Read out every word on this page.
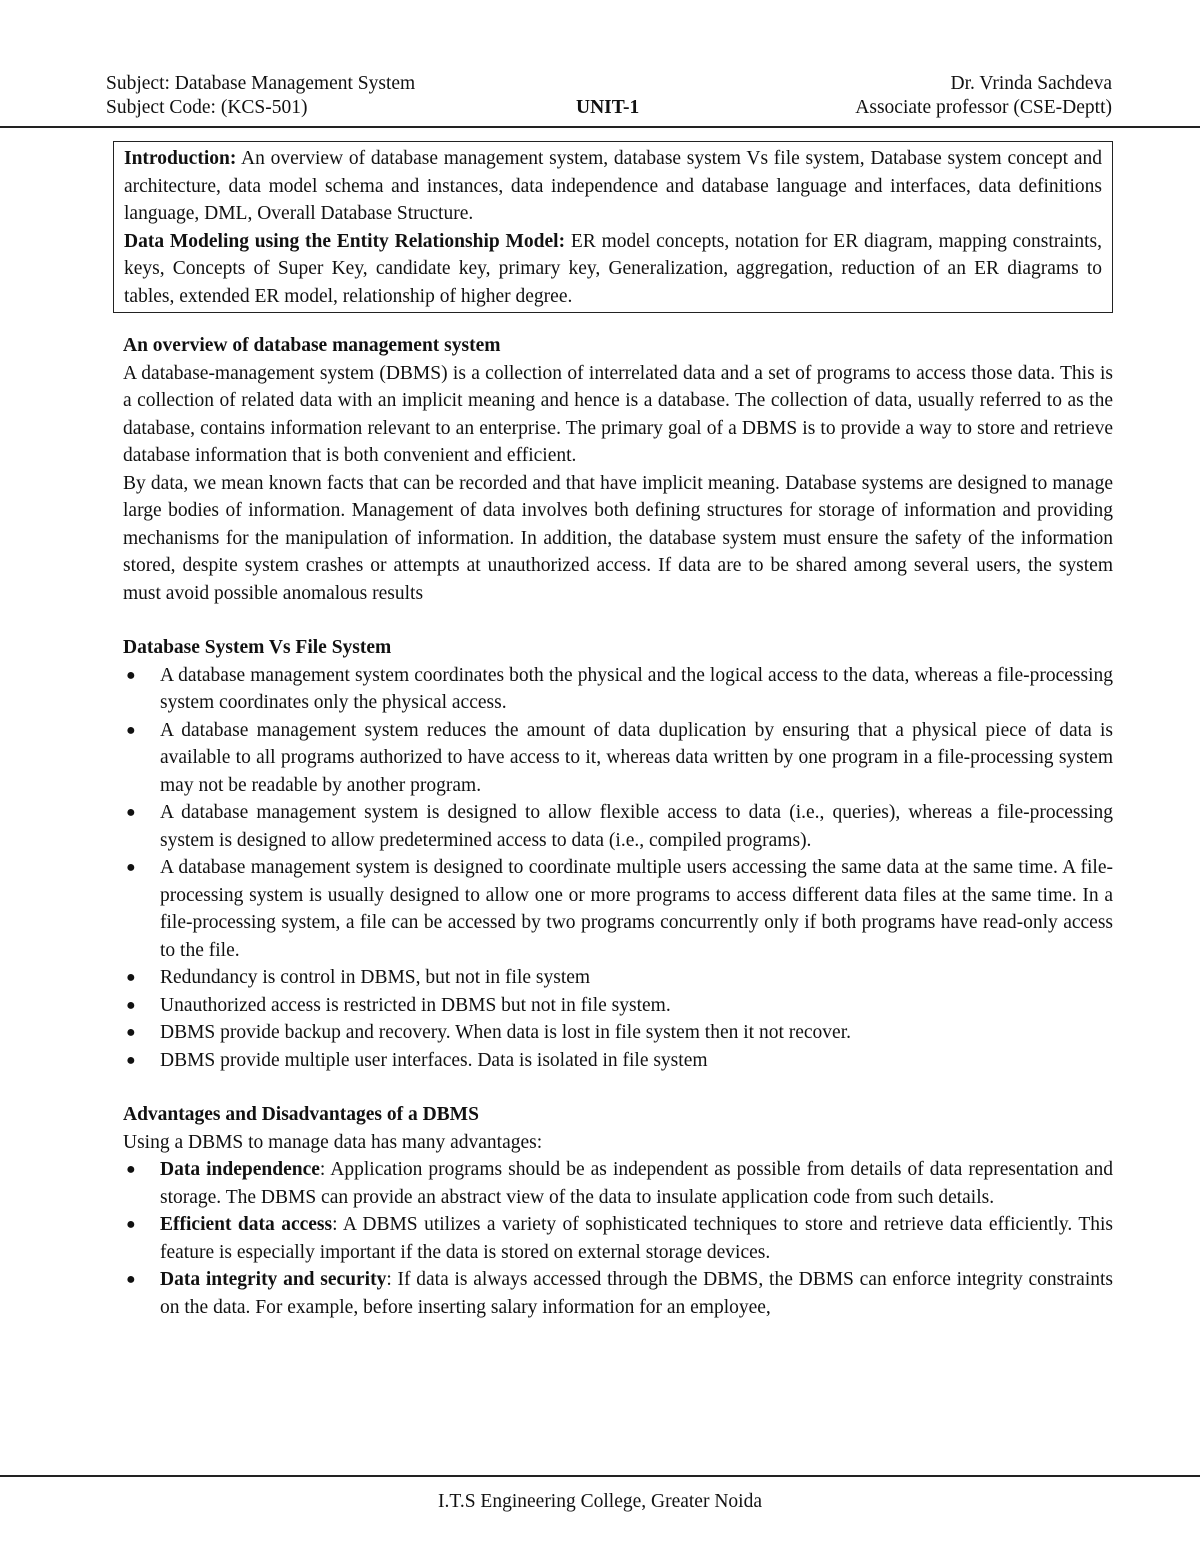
Subject: Database Management System	Dr. Vrinda Sachdeva
Subject Code: (KCS-501)	UNIT-1	Associate professor (CSE-Deptt)

Introduction: An overview of database management system, database system Vs file system, Database system concept and architecture, data model schema and instances, data independence and database language and interfaces, data definitions language, DML, Overall Database Structure.

Data Modeling using the Entity Relationship Model: ER model concepts, notation for ER diagram, mapping constraints, keys, Concepts of Super Key, candidate key, primary key, Generalization, aggregation, reduction of an ER diagrams to tables, extended ER model, relationship of higher degree.

An overview of database management system

A database-management system (DBMS) is a collection of interrelated data and a set of programs to access those data. This is a collection of related data with an implicit meaning and hence is a database. The collection of data, usually referred to as the database, contains information relevant to an enterprise. The primary goal of a DBMS is to provide a way to store and retrieve database information that is both convenient and efficient.

By data, we mean known facts that can be recorded and that have implicit meaning. Database systems are designed to manage large bodies of information. Management of data involves both defining structures for storage of information and providing mechanisms for the manipulation of information. In addition, the database system must ensure the safety of the information stored, despite system crashes or attempts at unauthorized access. If data are to be shared among several users, the system must avoid possible anomalous results

Database System Vs File System
● A database management system coordinates both the physical and the logical access to the data, whereas a file-processing system coordinates only the physical access.
● A database management system reduces the amount of data duplication by ensuring that a physical piece of data is available to all programs authorized to have access to it, whereas data written by one program in a file-processing system may not be readable by another program.
● A database management system is designed to allow flexible access to data (i.e., queries), whereas a file-processing system is designed to allow predetermined access to data (i.e., compiled programs).
● A database management system is designed to coordinate multiple users accessing the same data at the same time. A file-processing system is usually designed to allow one or more programs to access different data files at the same time. In a file-processing system, a file can be accessed by two programs concurrently only if both programs have read-only access to the file.
● Redundancy is control in DBMS, but not in file system
● Unauthorized access is restricted in DBMS but not in file system.
● DBMS provide backup and recovery. When data is lost in file system then it not recover.
● DBMS provide multiple user interfaces. Data is isolated in file system
Advantages and Disadvantages of a DBMS

Using a DBMS to manage data has many advantages:

● Data independence: Application programs should be as independent as possible from details of data representation and storage. The DBMS can provide an abstract view of the data to insulate application code from such details.
● Efficient data access: A DBMS utilizes a variety of sophisticated techniques to store and retrieve data efficiently. This feature is especially important if the data is stored on external storage devices.
● Data integrity and security: If data is always accessed through the DBMS, the DBMS can enforce integrity constraints on the data. For example, before inserting salary information for an employee,
I.T.S Engineering College, Greater Noida
